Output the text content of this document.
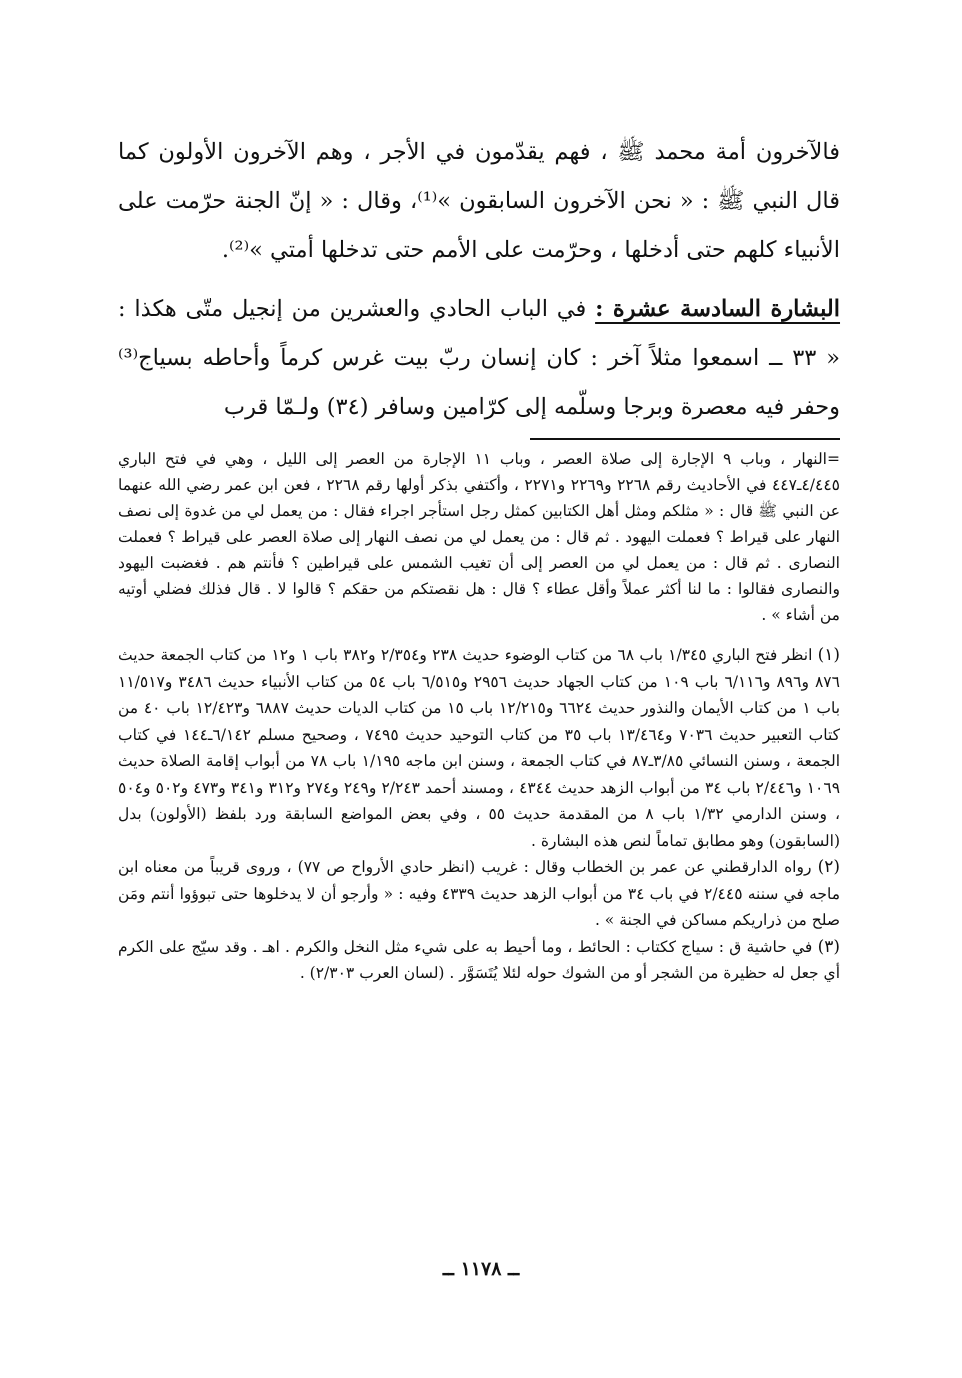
فالآخرون أمة محمد ﷺ ، فهم يقدّمون في الأجر ، وهم الآخرون الأولون كما قال النبي ﷺ : « نحن الآخرون السابقون »⁽¹⁾، وقال : « إنّ الجنة حرّمت على الأنبياء كلهم حتى أدخلها ، وحرّمت على الأمم حتى تدخلها أمتي »⁽²⁾.

البشارة السادسة عشرة : في الباب الحادي والعشرين من إنجيل متّى هكذا : « ٣٣ ــ اسمعوا مثلاً آخر : كان إنسان ربّ بيت غرس كرماً وأحاطه بسياج⁽³⁾ وحفر فيه معصرة وبرجا وسلّمه إلى كرّامين وسافر (٣٤) ولـمّا قرب

=النهار ، وباب ٩ الإجارة إلى صلاة العصر ، وباب ١١ الإجارة من العصر إلى الليل ، وهي في فتح الباري ٤/٤٤٥ـ٤٤٧ في الأحاديث رقم ٢٢٦٨ و٢٢٦٩ و٢٢٧١ ، وأكتفي بذكر أولها رقم ٢٢٦٨ ، فعن ابن عمر رضي الله عنهما عن النبي ﷺ قال : « مثلكم ومثل أهل الكتابين كمثل رجل استأجر اجراء فقال : من يعمل لي من غدوة إلى نصف النهار على قيراط ؟ فعملت اليهود . ثم قال : من يعمل لي من نصف النهار إلى صلاة العصر على قيراط ؟ فعملت النصارى . ثم قال : من يعمل لي من العصر إلى أن تغيب الشمس على قيراطين ؟ فأنتم هم . فغضبت اليهود والنصارى فقالوا : ما لنا أكثر عملاً وأقل عطاء ؟ قال : هل نقصتكم من حقكم ؟ قالوا لا . قال فذلك فضلي أوتيه من أشاء » .

(١) انظر فتح الباري ١/٣٤٥ باب ٦٨ من كتاب الوضوء حديث ٢٣٨ و٢/٣٥٤ و٣٨٢ باب ١ و١٢ من كتاب الجمعة حديث ٨٧٦ و٨٩٦ و٦/١١٦ باب ١٠٩ من كتاب الجهاد حديث ٢٩٥٦ و٦/٥١٥ باب ٥٤ من كتاب الأنبياء حديث ٣٤٨٦ و١١/٥١٧ باب ١ من كتاب الأيمان والنذور حديث ٦٦٢٤ و١٢/٢١٥ باب ١٥ من كتاب الديات حديث ٦٨٨٧ و١٢/٤٢٣ باب ٤٠ من كتاب التعبير حديث ٧٠٣٦ و١٣/٤٦٤ باب ٣٥ من كتاب التوحيد حديث ٧٤٩٥ ، وصحيح مسلم ٦/١٤٢ـ١٤٤ في كتاب الجمعة ، وسنن النسائي ٣/٨٥ـ٨٧ في كتاب الجمعة ، وسنن ابن ماجه ١/١٩٥ باب ٧٨ من أبواب إقامة الصلاة حديث ١٠٦٩ و٢/٤٤٦ باب ٣٤ من أبواب الزهد حديث ٤٣٤٤ ، ومسند أحمد ٢/٢٤٣ و٢٤٩ و٢٧٤ و٣١٢ و٣٤١ و٤٧٣ و٥٠٢ و٥٠٤ ، وسنن الدارمي ١/٣٢ باب ٨ من المقدمة حديث ٥٥ ، وفي بعض المواضع السابقة ورد بلفظ (الأولون) بدل (السابقون) وهو مطابق تماماً لنص هذه البشارة .

(٢) رواه الدارقطني عن عمر بن الخطاب وقال : غريب (انظر حادي الأرواح ص ٧٧) ، وروى قريباً من معناه ابن ماجه في سننه ٢/٤٤٥ في باب ٣٤ من أبواب الزهد حديث ٤٣٣٩ وفيه : « وأرجو أن لا يدخلوها حتى تبوؤوا أنتم ومَن صلح من ذراريكم مساكن في الجنة » .

(٣) في حاشية ق : سياج ككتاب : الحائط ، وما أحيط به على شيء مثل النخل والكرم . اهـ . وقد سيّج على الكرم أي جعل له حظيرة من الشجر أو من الشوك حوله لئلا يُتَسَوَّر . (لسان العرب ٢/٣٠٣) .

ــ ١١٧٨ ــ
